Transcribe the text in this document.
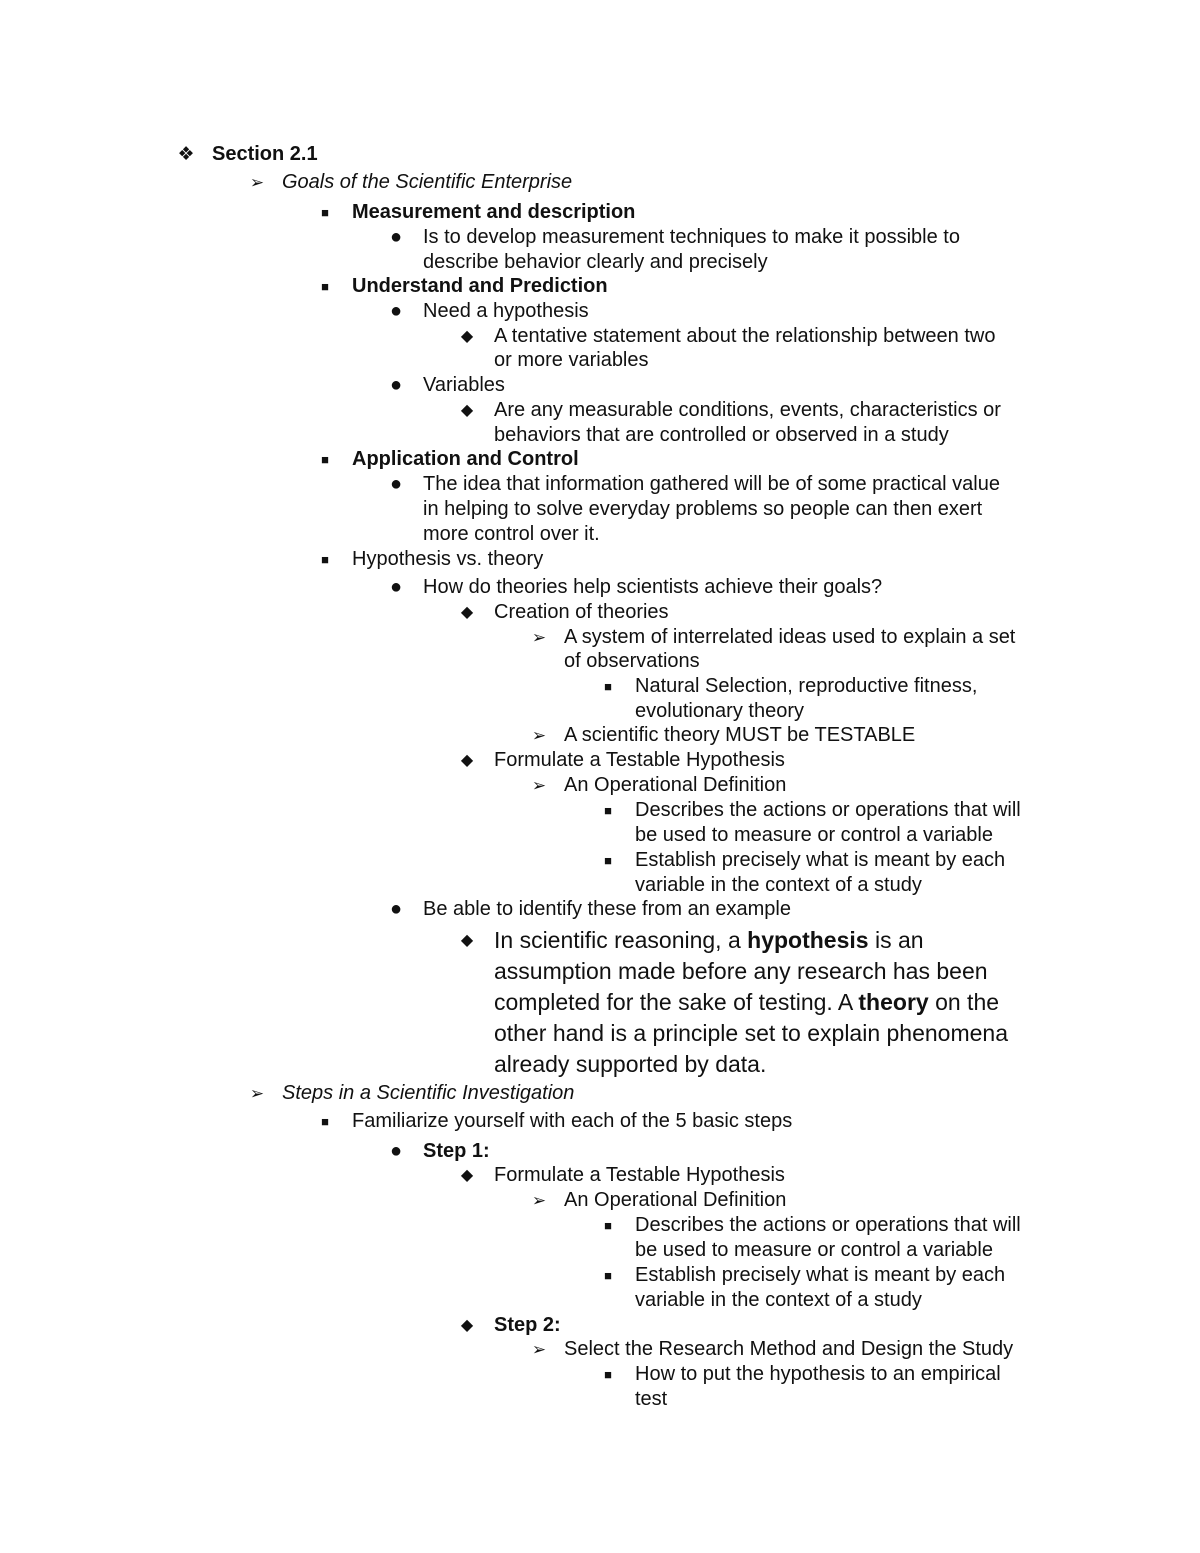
❖ Section 2.1
➢ Goals of the Scientific Enterprise
■	Measurement and description
● Is to develop measurement techniques to make it possible to
describe behavior clearly and precisely
■	Understand and Prediction
● Need a hypothesis
◆ A tentative statement about the relationship between two
or more variables
● Variables
◆ Are any measurable conditions, events, characteristics or
behaviors that are controlled or observed in a study
■	Application and Control
● The idea that information gathered will be of some practical value
in helping to solve everyday problems so people can then exert
more control over it.
■	Hypothesis vs. theory
● How do theories help scientists achieve their goals?
◆ Creation of theories
➢ A system of interrelated ideas used to explain a set
of observations
■	Natural Selection, reproductive fitness,
evolutionary theory
➢ A scientific theory MUST be TESTABLE
◆ Formulate a Testable Hypothesis
➢ An Operational Definition
■	Describes the actions or operations that will
be used to measure or control a variable
■	Establish precisely what is meant by each
variable in the context of a study
● Be able to identify these from an example
◆ In scientific reasoning, a hypothesis is an
assumption made before any research has been
completed for the sake of testing. A theory on the
other hand is a principle set to explain phenomena
already supported by data.
➢ Steps in a Scientific Investigation
■	Familiarize yourself with each of the 5 basic steps
● Step 1:
◆ Formulate a Testable Hypothesis
➢ An Operational Definition
■	Describes the actions or operations that will
be used to measure or control a variable
■	Establish precisely what is meant by each
variable in the context of a study
◆ Step 2:
➢ Select the Research Method and Design the Study
■	How to put the hypothesis to an empirical
test
